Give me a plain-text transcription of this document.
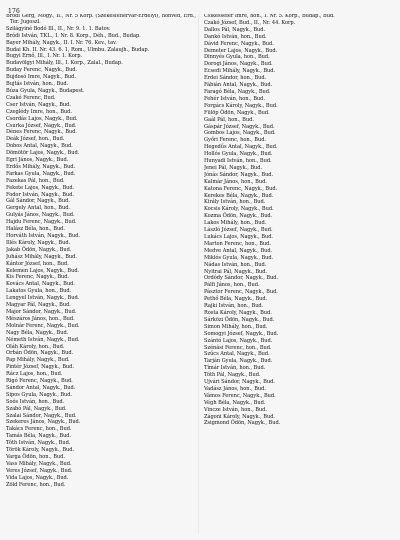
176
Bródi Gerg, Mogy., II., Nr. 5 Korp. (Székesfehérvár-Erdélyi), honvéd, Erd., Ter. Jugoszl.
Szilágyiné Bodó Ill., II., Nr. 9. 1. 1. Batov.
Bródi István, TKL., I. Nr. 8. Korp., Déh., Bud., Budap.
Bayer Mihály, Nagyk., II. I. Nr. 76. Kev., tav.
Budai Kh. II. Nr. 43. 6. 1, Rom., Ulmbu. Zalaujh., Budap.
Bugyi Ernő, Ill., I. Nr. 1. Korp.
Budavölgyi Mihály, Ill., I. Korp., Zalal., Budap.
Buday Ferenc, Nagyk., Bud.
Bujdosó Imre, Nagyk., Bud.
Bujtás István, hon., Bud.
Búza Gyula, Nagyk., Budapest.
Czakó Ferenc, Bud.
Cser István, Nagyk., Bud.
Czeglédy Imre, hon., Bud.
Csordás Lajos, Nagyk., Bud.
Csurka József, Nagyk., Bud.
Dénes Ferenc, Nagyk., Bud.
Deák József, hon., Bud.
Dobos Antal, Nagyk., Bud.
Dömötör Lajos, Nagyk., Bud.
Egri János, Nagyk., Bud.
Erdős Mihály, Nagyk., Bud.
Farkas Gyula, Nagyk., Bud.
Fazekas Pál, hon., Bud.
Fekete Lajos, Nagyk., Bud.
Fodor István, Nagyk., Bud.
Gál Sándor, Nagyk., Bud.
Gergely Antal, hon., Bud.
Gulyás János, Nagyk., Bud.
Hajdu Ferenc, Nagyk., Bud.
Halász Béla, hon., Bud.
Horváth István, Nagyk., Bud.
Illés Károly, Nagyk., Bud.
Jakab Ödön, Nagyk., Bud.
Juhász Mihály, Nagyk., Bud.
Kántor József, hon., Bud.
Kelemen Lajos, Nagyk., Bud.
Kis Ferenc, Nagyk., Bud.
Kovács Antal, Nagyk., Bud.
Lakatos Gyula, hon., Bud.
Lengyel István, Nagyk., Bud.
Magyar Pál, Nagyk., Bud.
Major Sándor, Nagyk., Bud.
Mészáros János, hon., Bud.
Molnár Ferenc, Nagyk., Bud.
Nagy Béla, Nagyk., Bud.
Németh István, Nagyk., Bud.
Oláh Károly, hon., Bud.
Orbán Ödön, Nagyk., Bud.
Pap Mihály, Nagyk., Bud.
Pintér József, Nagyk., Bud.
Rácz Lajos, hon., Bud.
Rigó Ferenc, Nagyk., Bud.
Sándor Antal, Nagyk., Bud.
Sipos Gyula, Nagyk., Bud.
Soós István, hon., Bud.
Szabó Pál, Nagyk., Bud.
Szalai Sándor, Nagyk., Bud.
Szekeres János, Nagyk., Bud.
Takács Ferenc, hon., Bud.
Tamás Béla, Nagyk., Bud.
Tóth István, Nagyk., Bud.
Török Károly, Nagyk., Bud.
Varga Ödön, hon., Bud.
Vass Mihály, Nagyk., Bud.
Veres József, Nagyk., Bud.
Vida Lajos, Nagyk., Bud.
Zöld Ferenc, hon., Bud.
Csikesséfer Imre, hon., I. Nr. 5. Korp., Budap., Bud.
Czakó József, Bud., II., Nr. 44. Korp.
Dallos Pál, Nagyk., Bud.
Dankó István, hon., Bud.
Dávid Ferenc, Nagyk., Bud.
Demeter Lajos, Nagyk., Bud.
Dinnyés Gyula, hon., Bud.
Dorogi János, Nagyk., Bud.
Ecsedi Mihály, Nagyk., Bud.
Erdei Sándor, hon., Bud.
Fábián Antal, Nagyk., Bud.
Faragó Béla, Nagyk., Bud.
Fehér István, hon., Bud.
Forgács Károly, Nagyk., Bud.
Fülöp Ödön, Nagyk., Bud.
Gaál Pál, hon., Bud.
Gáspár József, Nagyk., Bud.
Gombos Lajos, Nagyk., Bud.
Győri Ferenc, hon., Bud.
Hegedűs Antal, Nagyk., Bud.
Hollós Gyula, Nagyk., Bud.
Hunyadi István, hon., Bud.
Jenei Pál, Nagyk., Bud.
Jónás Sándor, Nagyk., Bud.
Kalmár János, hon., Bud.
Katona Ferenc, Nagyk., Bud.
Kerekes Béla, Nagyk., Bud.
Király István, hon., Bud.
Kocsis Károly, Nagyk., Bud.
Kozma Ödön, Nagyk., Bud.
Lakos Mihály, hon., Bud.
László József, Nagyk., Bud.
Lukács Lajos, Nagyk., Bud.
Marton Ferenc, hon., Bud.
Medve Antal, Nagyk., Bud.
Miklós Gyula, Nagyk., Bud.
Nádas István, hon., Bud.
Nyitrai Pál, Nagyk., Bud.
Ordódy Sándor, Nagyk., Bud.
Pálfi János, hon., Bud.
Pásztor Ferenc, Nagyk., Bud.
Pethő Béla, Nagyk., Bud.
Rajki István, hon., Bud.
Rosta Károly, Nagyk., Bud.
Sárközi Ödön, Nagyk., Bud.
Simon Mihály, hon., Bud.
Somogyi József, Nagyk., Bud.
Szántó Lajos, Nagyk., Bud.
Szénási Ferenc, hon., Bud.
Szűcs Antal, Nagyk., Bud.
Tarján Gyula, Nagyk., Bud.
Tímár István, hon., Bud.
Tóth Pál, Nagyk., Bud.
Ujvári Sándor, Nagyk., Bud.
Vadász János, hon., Bud.
Vámos Ferenc, Nagyk., Bud.
Végh Béla, Nagyk., Bud.
Vincze István, hon., Bud.
Zágoni Károly, Nagyk., Bud.
Zsigmond Ödön, Nagyk., Bud.
